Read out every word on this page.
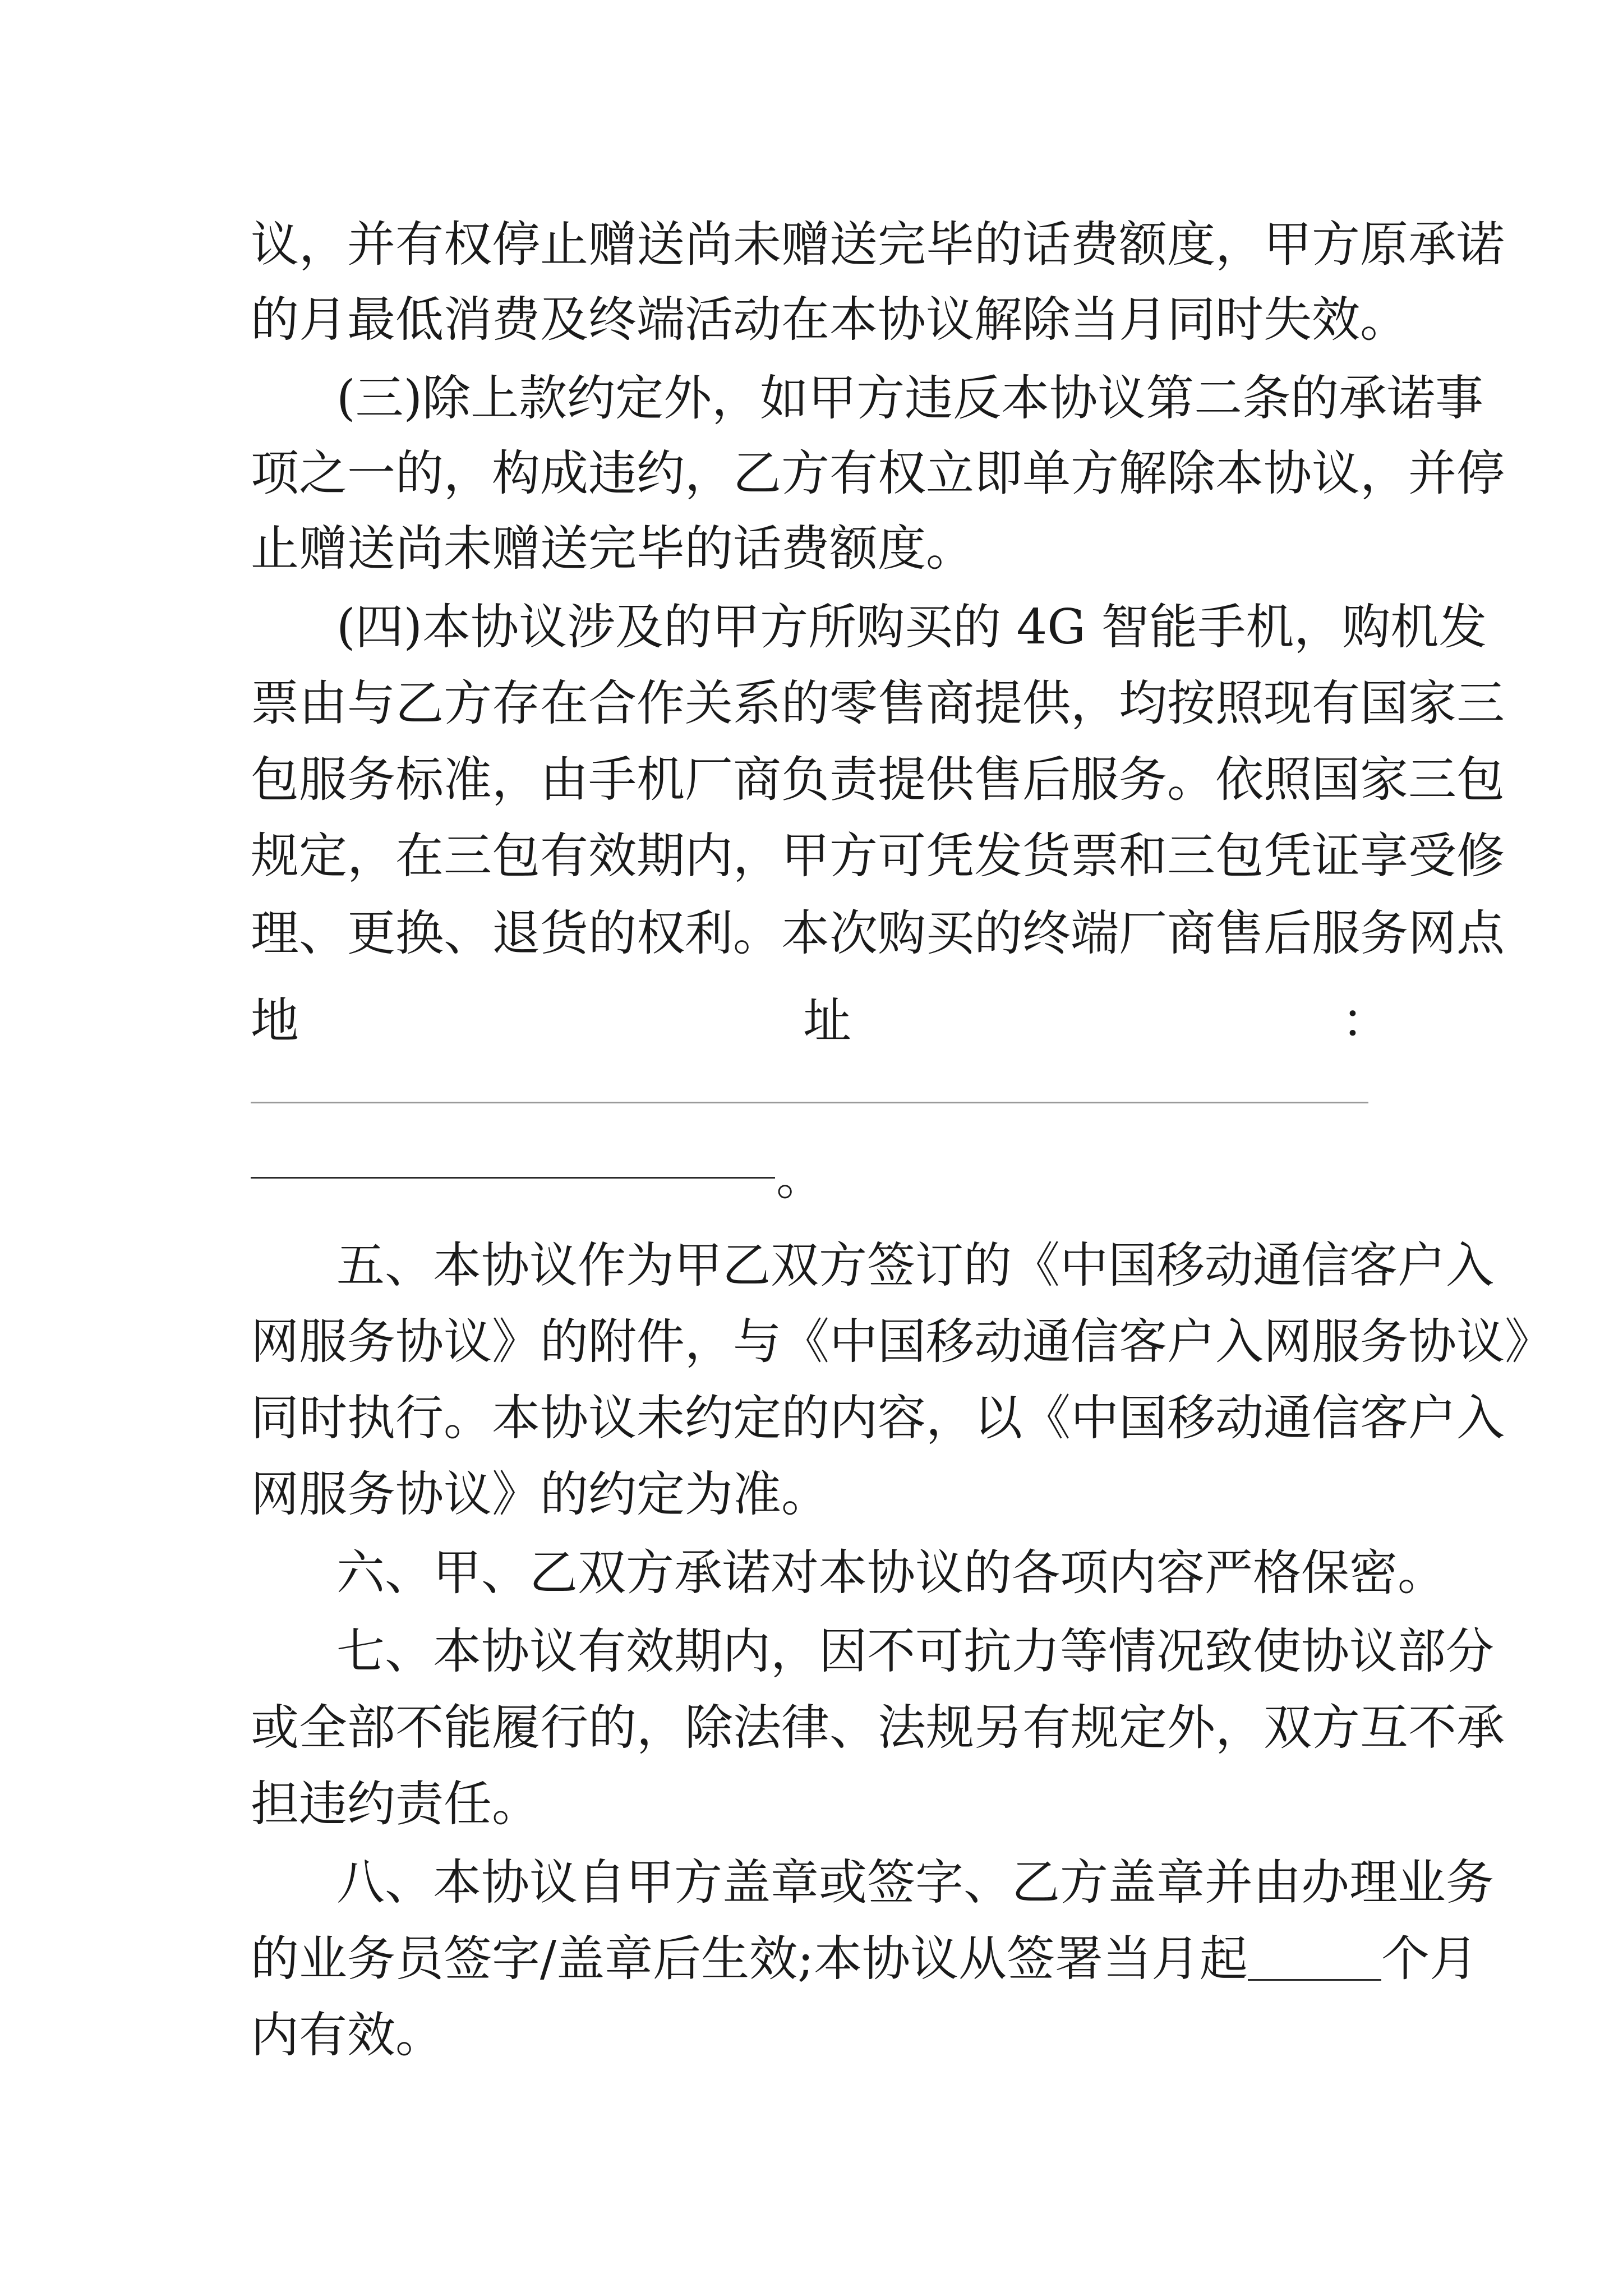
议，并有权停止赠送尚未赠送完毕的话费额度，甲方原承诺
的月最低消费及终端活动在本协议解除当月同时失效。
(三)除上款约定外，如甲方违反本协议第二条的承诺事
项之一的，构成违约，乙方有权立即单方解除本协议，并停
止赠送尚未赠送完毕的话费额度。
(四)本协议涉及的甲方所购买的 4G 智能手机，购机发
票由与乙方存在合作关系的零售商提供，均按照现有国家三
包服务标准，由手机厂商负责提供售后服务。依照国家三包
规定，在三包有效期内，甲方可凭发货票和三包凭证享受修
理、更换、退货的权利。本次购买的终端厂商售后服务网点
地	址	：
。
五、本协议作为甲乙双方签订的《中国移动通信客户入
网服务协议》的附件，与《中国移动通信客户入网服务协议》
同时执行。本协议未约定的内容，以《中国移动通信客户入
网服务协议》的约定为准。
六、甲、乙双方承诺对本协议的各项内容严格保密。
七、本协议有效期内，因不可抗力等情况致使协议部分
或全部不能履行的，除法律、法规另有规定外，双方互不承
担违约责任。
八、本协议自甲方盖章或签字、乙方盖章并由办理业务
的业务员签字/盖章后生效;本协议从签署当月起	个月
内有效。
